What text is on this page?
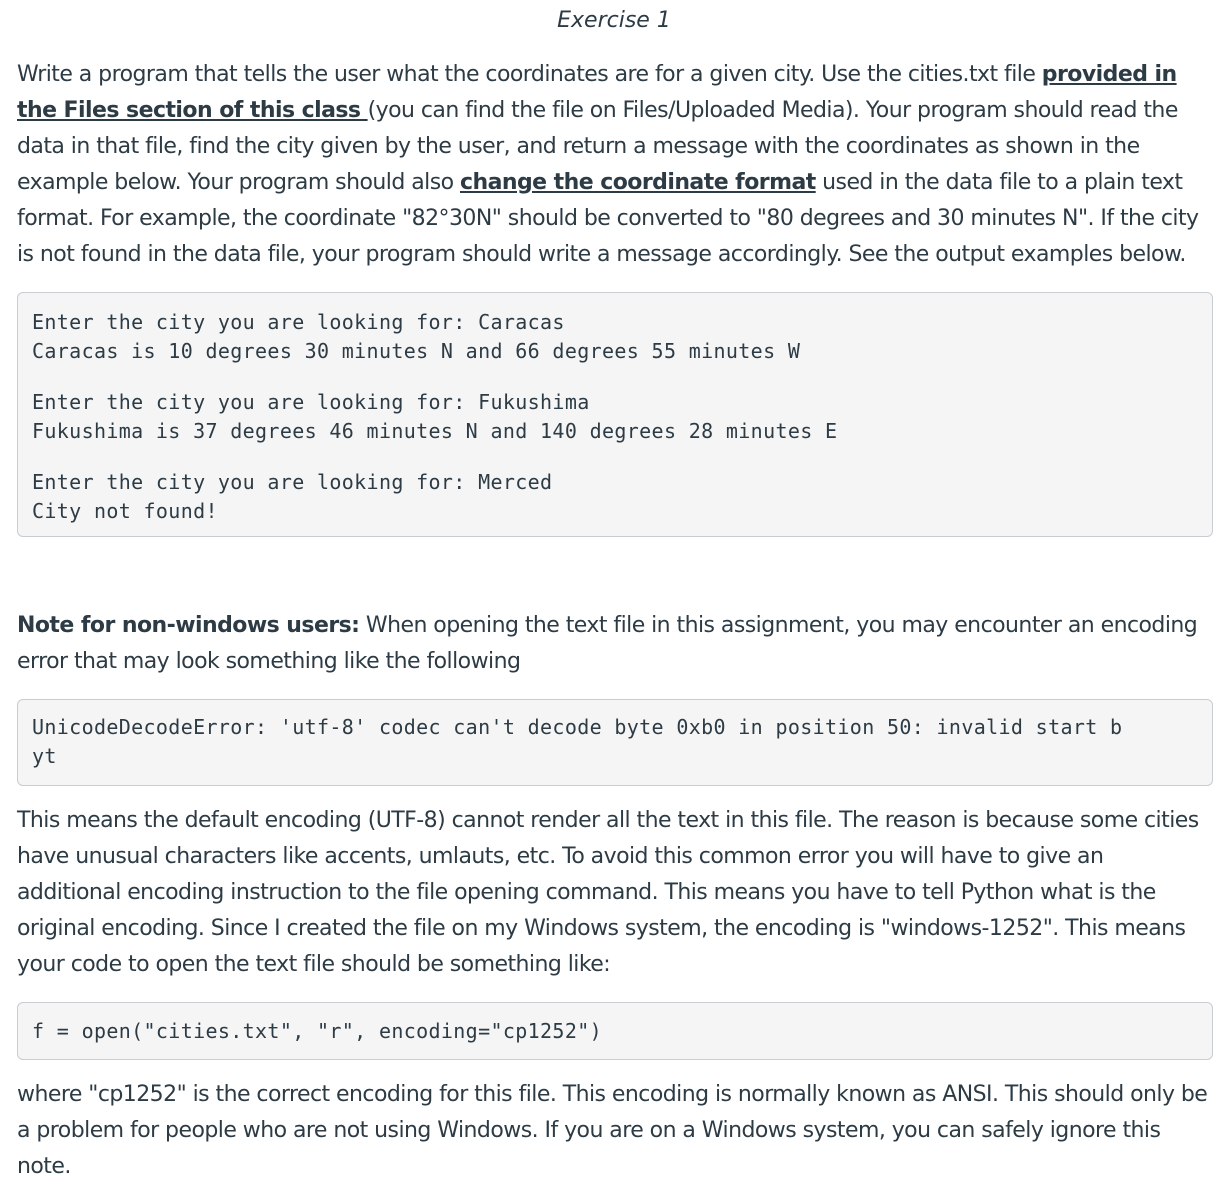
Exercise 1

Write a program that tells the user what the coordinates are for a given city. Use the cities.txt file provided in the Files section of this class (you can find the file on Files/Uploaded Media). Your program should read the data in that file, find the city given by the user, and return a message with the coordinates as shown in the example below. Your program should also change the coordinate format used in the data file to a plain text format. For example, the coordinate "82°30N" should be converted to "80 degrees and 30 minutes N". If the city is not found in the data file, your program should write a message accordingly. See the output examples below.

Enter the city you are looking for: Caracas
Caracas is 10 degrees 30 minutes N and 66 degrees 55 minutes W
Enter the city you are looking for: Fukushima
Fukushima is 37 degrees 46 minutes N and 140 degrees 28 minutes E
Enter the city you are looking for: Merced
City not found!

Note for non-windows users: When opening the text file in this assignment, you may encounter an encoding error that may look something like the following

UnicodeDecodeError: 'utf-8' codec can't decode byte 0xb0 in position 50: invalid start b
yt

This means the default encoding (UTF-8) cannot render all the text in this file. The reason is because some cities have unusual characters like accents, umlauts, etc. To avoid this common error you will have to give an additional encoding instruction to the file opening command. This means you have to tell Python what is the original encoding. Since I created the file on my Windows system, the encoding is "windows-1252". This means your code to open the text file should be something like:

f = open("cities.txt", "r", encoding="cp1252")

where "cp1252" is the correct encoding for this file. This encoding is normally known as ANSI. This should only be a problem for people who are not using Windows. If you are on a Windows system, you can safely ignore this note.
